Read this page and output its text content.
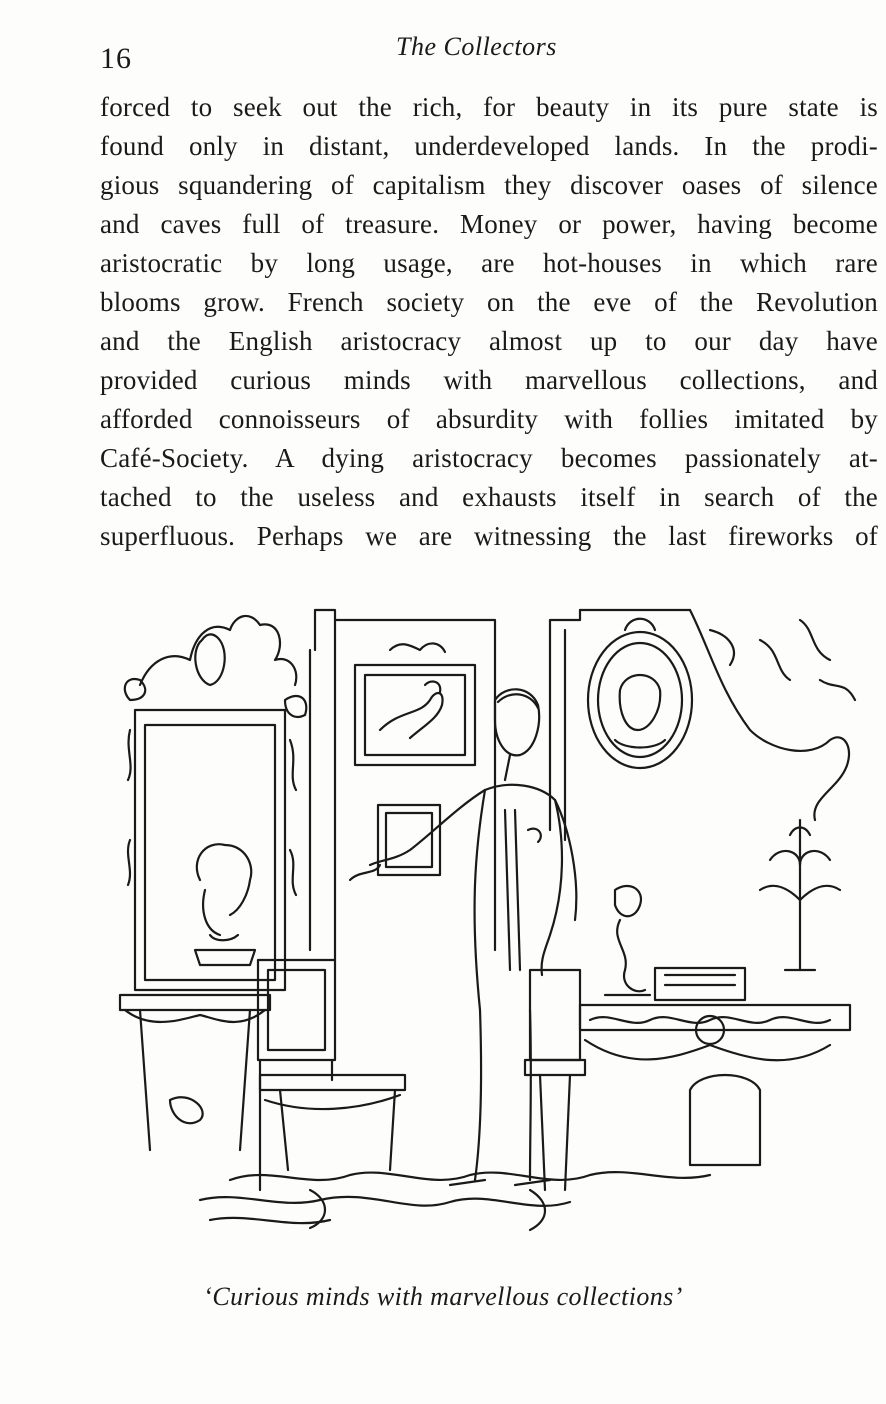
16	The Collectors
forced to seek out the rich, for beauty in its pure state is
found only in distant, underdeveloped lands. In the prodi-
gious squandering of capitalism they discover oases of silence
and caves full of treasure. Money or power, having become
aristocratic by long usage, are hot-houses in which rare
blooms grow. French society on the eve of the Revolution
and the English aristocracy almost up to our day have
provided curious minds with marvellous collections, and
afforded connoisseurs of absurdity with follies imitated by
Café-Society. A dying aristocracy becomes passionately at-
tached to the useless and exhausts itself in search of the
superfluous. Perhaps we are witnessing the last fireworks of
‘Curious minds with marvellous collections’
